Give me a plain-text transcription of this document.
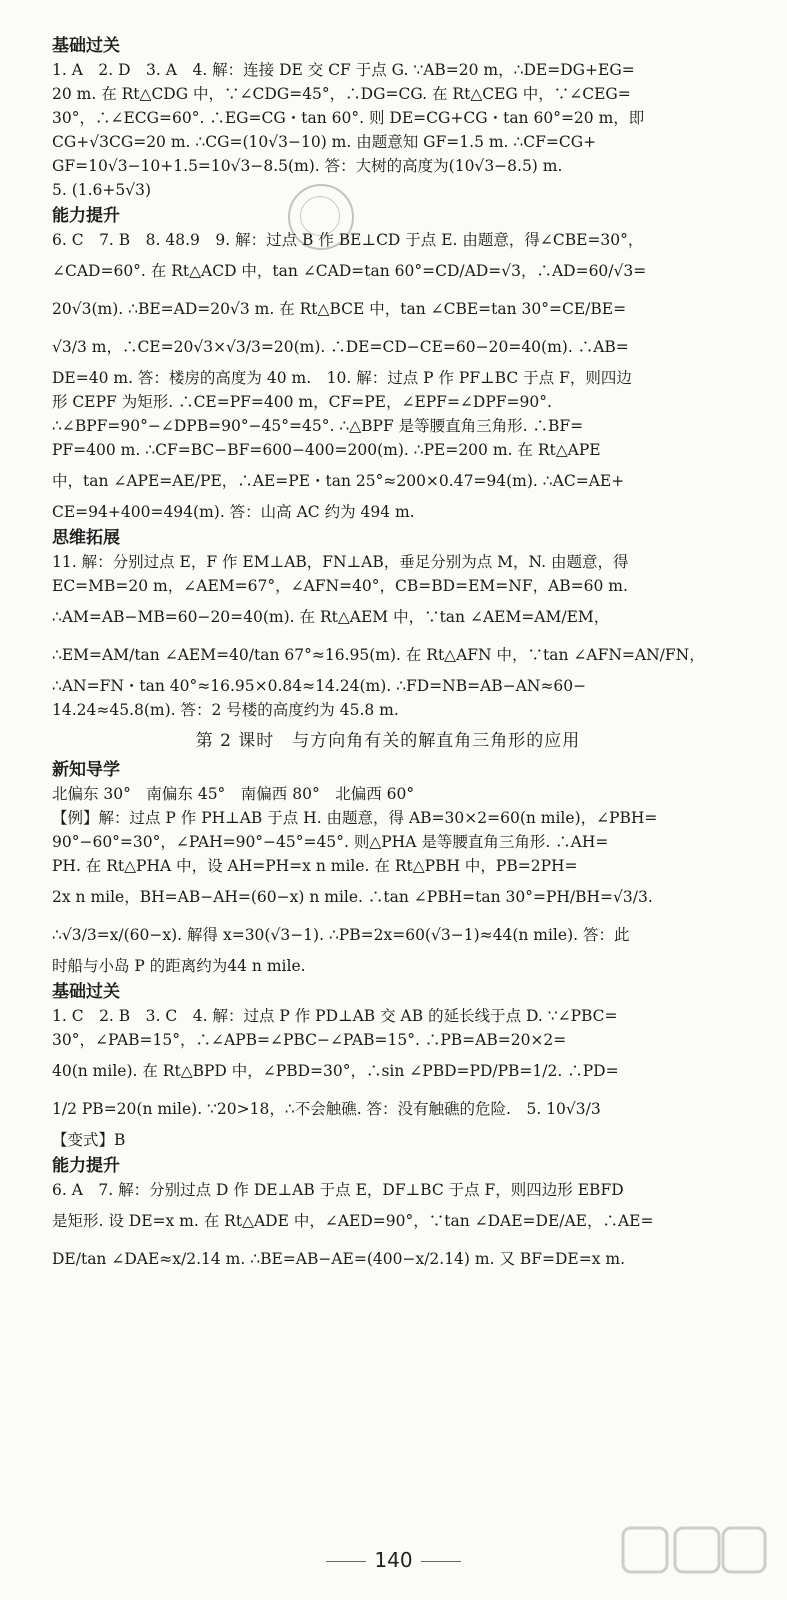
基础过关
1. A　2. D　3. A　4. 解：连接 DE 交 CF 于点 G. ∵AB=20 m，∴DE=DG+EG=
20 m. 在 Rt△CDG 中，∵∠CDG=45°，∴DG=CG. 在 Rt△CEG 中，∵∠CEG=
30°，∴∠ECG=60°. ∴EG=CG・tan 60°. 则 DE=CG+CG・tan 60°=20 m，即
CG+√3CG=20 m. ∴CG=(10√3−10) m. 由题意知 GF=1.5 m. ∴CF=CG+
GF=10√3−10+1.5=10√3−8.5(m). 答：大树的高度为(10√3−8.5) m.
5. (1.6+5√3)
能力提升
6. C　7. B　8. 48.9　9. 解：过点 B 作 BE⊥CD 于点 E. 由题意，得∠CBE=30°，
∠CAD=60°. 在 Rt△ACD 中，tan ∠CAD=tan 60°=CD/AD=√3，∴AD=60/√3=
20√3(m). ∴BE=AD=20√3 m. 在 Rt△BCE 中，tan ∠CBE=tan 30°=CE/BE=
√3/3 m，∴CE=20√3×√3/3=20(m). ∴DE=CD−CE=60−20=40(m). ∴AB=
DE=40 m. 答：楼房的高度为 40 m.　10. 解：过点 P 作 PF⊥BC 于点 F，则四边
形 CEPF 为矩形. ∴CE=PF=400 m，CF=PE，∠EPF=∠DPF=90°.
∴∠BPF=90°−∠DPB=90°−45°=45°. ∴△BPF 是等腰直角三角形. ∴BF=
PF=400 m. ∴CF=BC−BF=600−400=200(m). ∴PE=200 m. 在 Rt△APE
中，tan ∠APE=AE/PE，∴AE=PE・tan 25°≈200×0.47=94(m). ∴AC=AE+
CE=94+400=494(m). 答：山高 AC 约为 494 m.
思维拓展
11. 解：分别过点 E，F 作 EM⊥AB，FN⊥AB，垂足分别为点 M，N. 由题意，得
EC=MB=20 m，∠AEM=67°，∠AFN=40°，CB=BD=EM=NF，AB=60 m.
∴AM=AB−MB=60−20=40(m). 在 Rt△AEM 中，∵tan ∠AEM=AM/EM，
∴EM=AM/tan ∠AEM=40/tan 67°≈16.95(m). 在 Rt△AFN 中，∵tan ∠AFN=AN/FN，
∴AN=FN・tan 40°≈16.95×0.84≈14.24(m). ∴FD=NB=AB−AN≈60−
14.24≈45.8(m). 答：2 号楼的高度约为 45.8 m.
第 2 课时　与方向角有关的解直角三角形的应用
新知导学
北偏东 30°　南偏东 45°　南偏西 80°　北偏西 60°
【例】解：过点 P 作 PH⊥AB 于点 H. 由题意，得 AB=30×2=60(n mile)，∠PBH=
90°−60°=30°，∠PAH=90°−45°=45°. 则△PHA 是等腰直角三角形. ∴AH=
PH. 在 Rt△PHA 中，设 AH=PH=x n mile. 在 Rt△PBH 中，PB=2PH=
2x n mile，BH=AB−AH=(60−x) n mile. ∴tan ∠PBH=tan 30°=PH/BH=√3/3.
∴√3/3=x/(60−x). 解得 x=30(√3−1). ∴PB=2x=60(√3−1)≈44(n mile). 答：此
时船与小岛 P 的距离约为44 n mile.
基础过关
1. C　2. B　3. C　4. 解：过点 P 作 PD⊥AB 交 AB 的延长线于点 D. ∵∠PBC=
30°，∠PAB=15°，∴∠APB=∠PBC−∠PAB=15°. ∴PB=AB=20×2=
40(n mile). 在 Rt△BPD 中，∠PBD=30°，∴sin ∠PBD=PD/PB=1/2. ∴PD=
1/2 PB=20(n mile). ∵20>18，∴不会触礁. 答：没有触礁的危险.　5. 10√3/3
【变式】B
能力提升
6. A　7. 解：分别过点 D 作 DE⊥AB 于点 E，DF⊥BC 于点 F，则四边形 EBFD
是矩形. 设 DE=x m. 在 Rt△ADE 中，∠AED=90°，∵tan ∠DAE=DE/AE，∴AE=
DE/tan ∠DAE≈x/2.14 m. ∴BE=AB−AE=(400−x/2.14) m. 又 BF=DE=x m.
140
